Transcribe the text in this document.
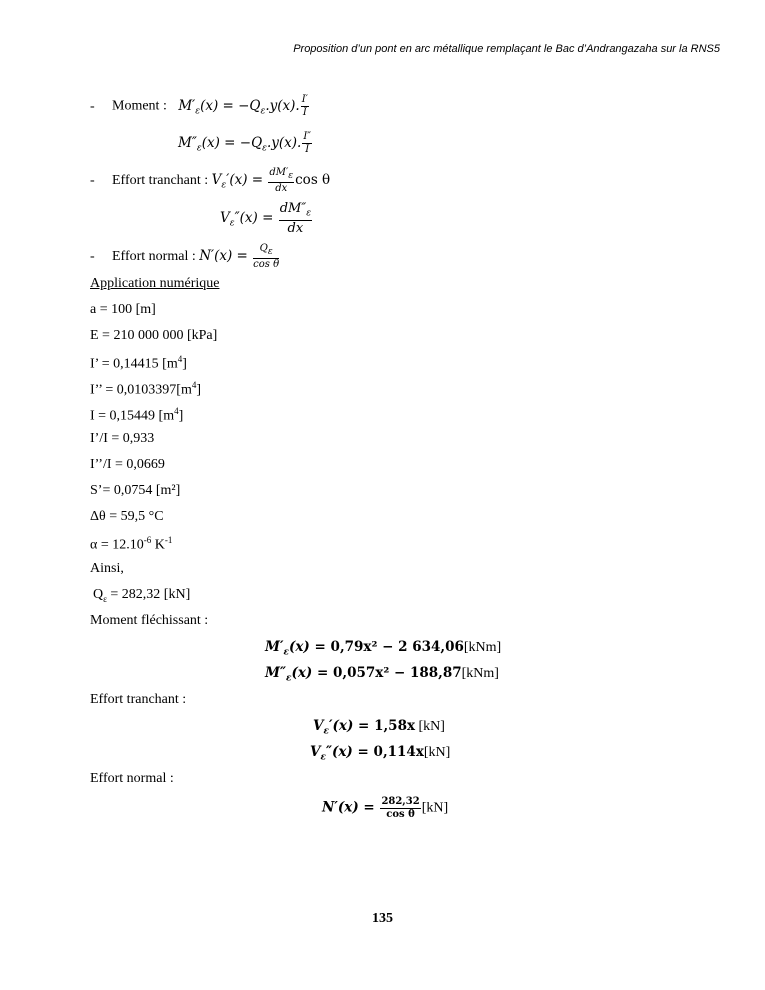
Proposition d’un pont en arc métallique remplaçant le Bac d’Andrangazaha sur la RNS5
- Moment : $M'_\varepsilon(x) = -Q_\varepsilon.y(x)$. $\frac{I'}{I}$
$M''_\varepsilon(x) = -Q_\varepsilon.y(x)$. $\frac{I''}{I}$
- Effort tranchant : $V_\varepsilon'(x) = \frac{dM'_\varepsilon}{dx}$ cos θ
$V_\varepsilon''(x) = \frac{dM''_\varepsilon}{dx}$
- Effort normal : $N'(x) = \frac{Q_\varepsilon}{\text{cos θ}}$
Application numérique
a = 100 [m]
E = 210 000 000 [kPa]
I’ = 0,14415 $[m^4]$
I’’ = $0,0103397[m^4]$
I = 0,15449 $[m^4]$
I’/I = 0,933
I’’/I = 0,0669
S’= 0,0754 [m²]
Δθ = 59,5 °C
$\alpha = 12.10^{-6}$ $K^{-1}$
Ainsi,
$Q_\varepsilon = 282,32$ [kN]
Moment fléchissant :
$M'_\varepsilon(x) = 0,79x^2 - 2$ 634,06[kNm]
$M''_\varepsilon(x) = 0,057x^2 - 188,87[kNm]$
Effort tranchant :
$V_\varepsilon'(x) = 1,58x$ [kN]
$V_\varepsilon''(x) = 0,114x[kN]$
Effort normal :
$N'(x) = \frac{282,32}{\text{cos θ}} [kN]$
135
